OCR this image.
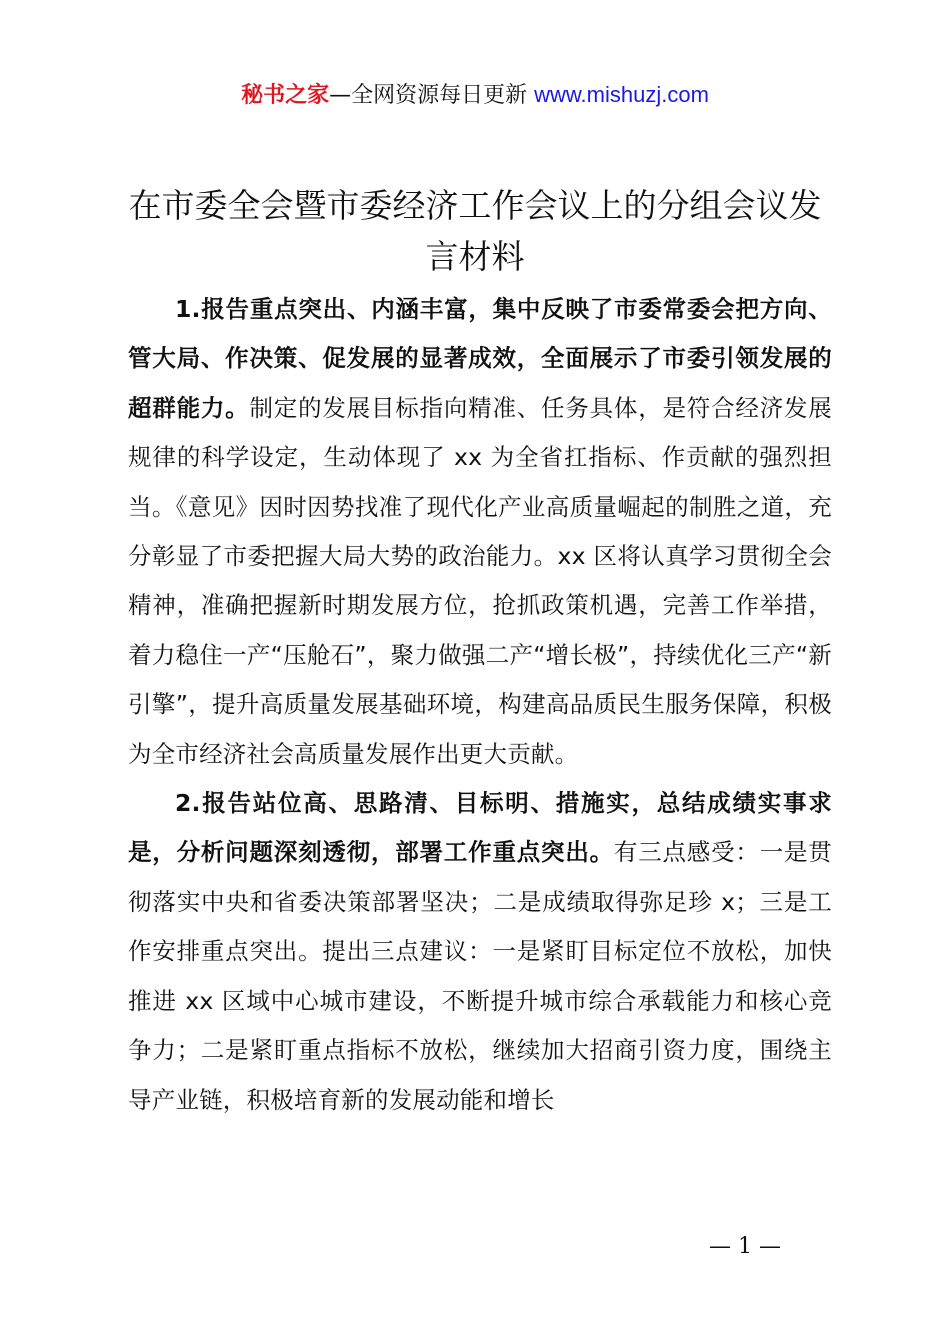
秘书之家—全网资源每日更新 www.mishuzj.com
在市委全会暨市委经济工作会议上的分组会议发言材料

1.报告重点突出、内涵丰富，集中反映了市委常委会把方向、管大局、作决策、促发展的显著成效，全面展示了市委引领发展的超群能力。制定的发展目标指向精准、任务具体，是符合经济发展规律的科学设定，生动体现了 xx 为全省扛指标、作贡献的强烈担当。《意见》因时因势找准了现代化产业高质量崛起的制胜之道，充分彰显了市委把握大局大势的政治能力。xx 区将认真学习贯彻全会精神，准确把握新时期发展方位，抢抓政策机遇，完善工作举措，着力稳住一产“压舱石”，聚力做强二产“增长极”，持续优化三产“新引擎”，提升高质量发展基础环境，构建高品质民生服务保障，积极为全市经济社会高质量发展作出更大贡献。

2.报告站位高、思路清、目标明、措施实，总结成绩实事求是，分析问题深刻透彻，部署工作重点突出。有三点感受：一是贯彻落实中央和省委决策部署坚决；二是成绩取得弥足珍 x；三是工作安排重点突出。提出三点建议：一是紧盯目标定位不放松，加快推进 xx 区域中心城市建设，不断提升城市综合承载能力和核心竞争力；二是紧盯重点指标不放松，继续加大招商引资力度，围绕主导产业链，积极培育新的发展动能和增长

— 1 —
